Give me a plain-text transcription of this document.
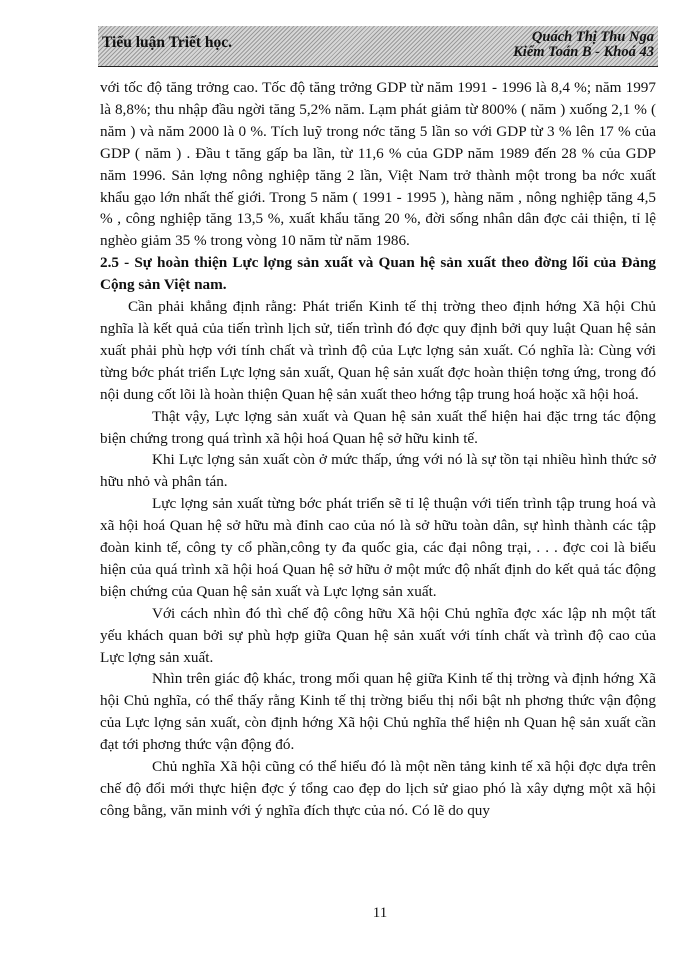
Tiểu luận Triết học.	Quách Thị Thu Nga
Kiểm Toán B - Khoá 43

với tốc độ tăng trởng cao. Tốc độ tăng trởng GDP từ năm 1991 - 1996 là 8,4 %; năm 1997 là 8,8%; thu nhập đầu ngời tăng 5,2% năm. Lạm phát giảm từ 800% ( năm ) xuống 2,1 % ( năm ) và năm 2000 là 0 %. Tích luỹ trong nớc tăng 5 lần so với GDP từ 3 % lên 17 % của GDP ( năm ) . Đầu t tăng gấp ba lần, từ 11,6 % của GDP năm 1989 đến 28 % của GDP năm 1996. Sản lợng nông nghiệp tăng 2 lần, Việt Nam trở thành một trong ba nớc xuất khẩu gạo lớn nhất thế giới. Trong 5 năm ( 1991 - 1995 ), hàng năm , nông nghiệp tăng 4,5 % , công nghiệp tăng 13,5 %, xuất khẩu tăng 20 %, đời sống nhân dân đợc cải thiện, tỉ lệ nghèo giảm 35 % trong vòng 10 năm từ năm 1986.

2.5 - Sự hoàn thiện Lực lợng sản xuất và Quan hệ sản xuất theo đờng lối của Đảng Cộng sản Việt nam.

Cần phải khẳng định rằng: Phát triển Kinh tế thị trờng theo định hớng Xã hội Chủ nghĩa là kết quả của tiến trình lịch sử, tiến trình đó đợc quy định bởi quy luật Quan hệ sản xuất phải phù hợp với tính chất và trình độ của Lực lợng sản xuất. Có nghĩa là: Cùng với từng bớc phát triển Lực lợng sản xuất, Quan hệ sản xuất đợc hoàn thiện tơng ứng, trong đó nội dung cốt lõi là hoàn thiện Quan hệ sản xuất theo hớng tập trung hoá hoặc xã hội hoá.

Thật vậy, Lực lợng sản xuất và Quan hệ sản xuất thể hiện hai đặc trng tác động biện chứng trong quá trình xã hội hoá Quan hệ sở hữu kinh tế.

Khi Lực lợng sản xuất còn ở mức thấp, ứng với nó là sự tồn tại nhiều hình thức sở hữu nhỏ và phân tán.

Lực lợng sản xuất từng bớc phát triển sẽ tỉ lệ thuận với tiến trình tập trung hoá và xã hội hoá Quan hệ sở hữu mà đỉnh cao của nó là sở hữu toàn dân, sự hình thành các tập đoàn kinh tế, công ty cổ phần,công ty đa quốc gia, các đại nông trại, . . . đợc coi là biểu hiện của quá trình xã hội hoá Quan hệ sở hữu ở một mức độ nhất định do kết quả tác động biện chứng của Quan hệ sản xuất và Lực lợng sản xuất.

Với cách nhìn đó thì chế độ công hữu Xã hội Chủ nghĩa đợc xác lập nh một tất yếu khách quan bởi sự phù hợp giữa Quan hệ sản xuất với tính chất và trình độ cao của Lực lợng sản xuất.

Nhìn trên giác độ khác, trong mối quan hệ giữa Kinh tế thị trờng và định hớng Xã hội Chủ nghĩa, có thể thấy rằng Kinh tế thị trờng biểu thị nổi bật nh phơng thức vận động của Lực lợng sản xuất, còn định hớng Xã hội Chủ nghĩa thể hiện nh Quan hệ sản xuất cần đạt tới phơng thức vận động đó.

Chủ nghĩa Xã hội cũng có thể hiểu đó là một nền tảng kinh tế xã hội đợc dựa trên chế độ đổi mới thực hiện đợc ý tổng cao đẹp do lịch sử giao phó là xây dựng một xã hội công bằng, văn minh với ý nghĩa đích thực của nó. Có lẽ do quy

11
